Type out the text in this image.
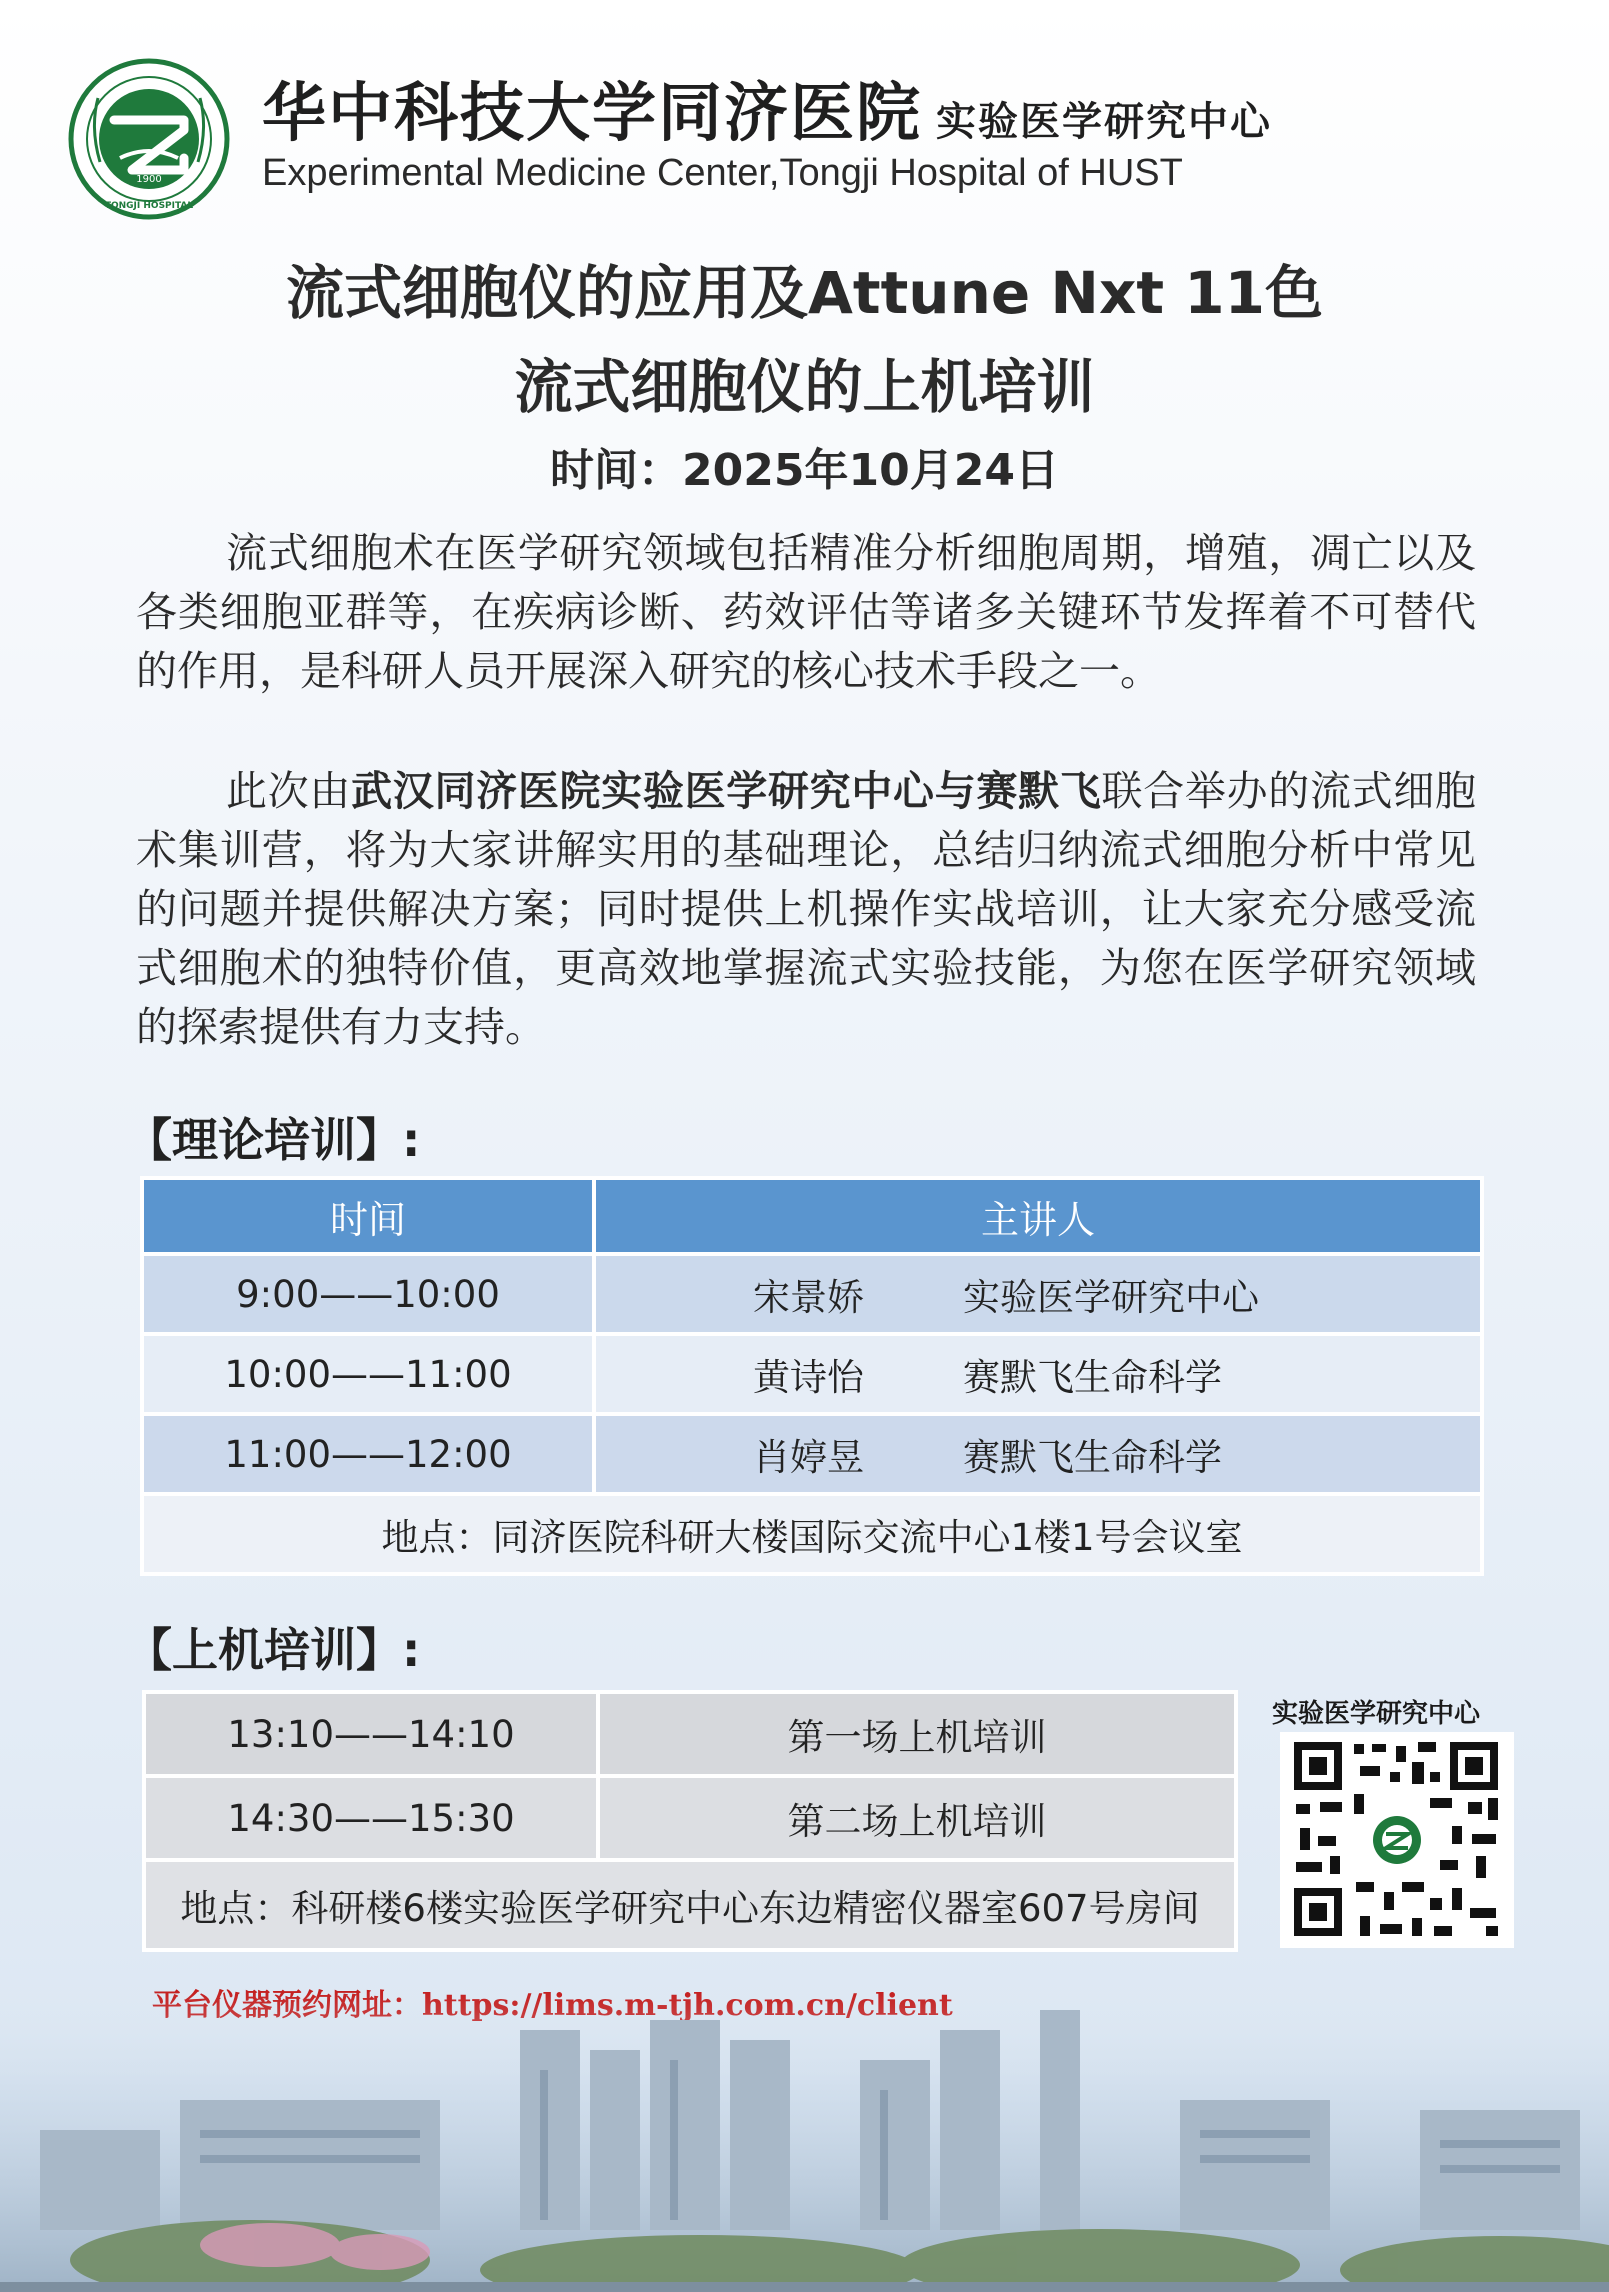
1900
TONGJI HOSPITAL
华中科技大学同济医院 实验医学研究中心
Experimental Medicine Center,Tongji Hospital of HUST
流式细胞仪的应用及Attune Nxt 11色
流式细胞仪的上机培训
时间：2025年10月24日

流式细胞术在医学研究领域包括精准分析细胞周期，增殖，凋亡以及各类细胞亚群等，在疾病诊断、药效评估等诸多关键环节发挥着不可替代的作用，是科研人员开展深入研究的核心技术手段之一。

此次由武汉同济医院实验医学研究中心与赛默飞联合举办的流式细胞术集训营，将为大家讲解实用的基础理论，总结归纳流式细胞分析中常见的问题并提供解决方案；同时提供上机操作实战培训，让大家充分感受流式细胞术的独特价值，更高效地掌握流式实验技能，为您在医学研究领域的探索提供有力支持。

【理论培训】:
时间	主讲人
9:00——10:00	宋景娇 实验医学研究中心
10:00——11:00	黄诗怡 赛默飞生命科学
11:00——12:00	肖婷昱 赛默飞生命科学
地点：同济医院科研大楼国际交流中心1楼1号会议室	
【上机培训】:
13:10——14:10	第一场上机培训
14:30——15:30	第二场上机培训
地点：科研楼6楼实验医学研究中心东边精密仪器室607号房间	
实验医学研究中心
